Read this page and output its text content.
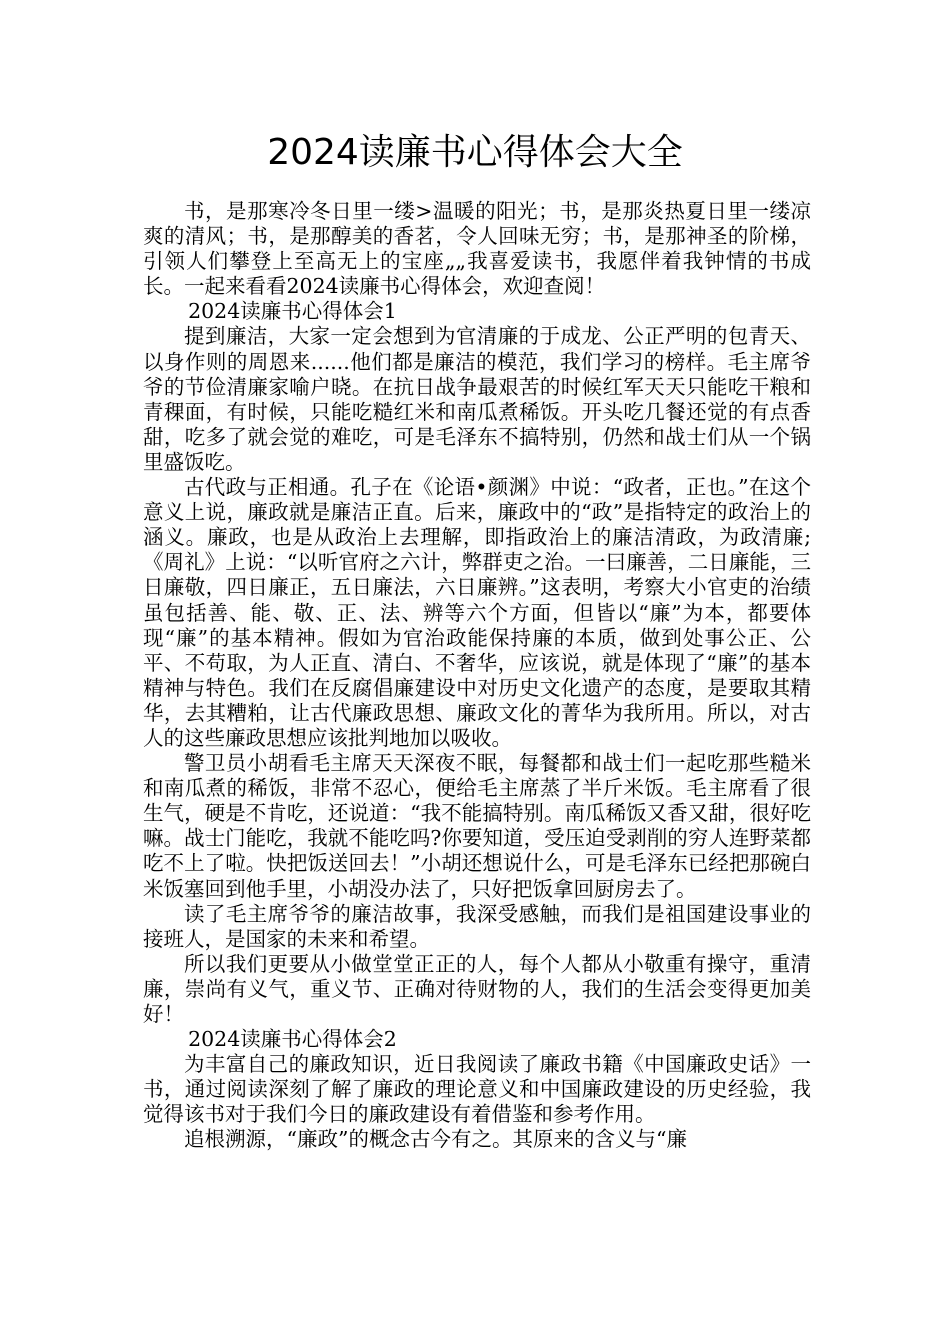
2024读廉书心得体会大全

书，是那寒冷冬日里一缕>温暖的阳光；书，是那炎热夏日里一缕凉爽的清风；书，是那醇美的香茗，令人回味无穷；书，是那神圣的阶梯，引领人们攀登上至高无上的宝座„„我喜爱读书，我愿伴着我钟情的书成长。一起来看看2024读廉书心得体会，欢迎查阅！

2024读廉书心得体会1

提到廉洁，大家一定会想到为官清廉的于成龙、公正严明的包青天、以身作则的周恩来......他们都是廉洁的模范，我们学习的榜样。毛主席爷爷的节俭清廉家喻户晓。在抗日战争最艰苦的时候红军天天只能吃干粮和青稞面，有时候，只能吃糙红米和南瓜煮稀饭。开头吃几餐还觉的有点香甜，吃多了就会觉的难吃，可是毛泽东不搞特别，仍然和战士们从一个锅里盛饭吃。

古代政与正相通。孔子在《论语•颜渊》中说：“政者，正也。”在这个意义上说，廉政就是廉洁正直。后来，廉政中的“政”是指特定的政治上的涵义。廉政，也是从政治上去理解，即指政治上的廉洁清政，为政清廉;《周礼》上说：“以听官府之六计，弊群吏之治。一曰廉善，二日廉能，三日廉敬，四日廉正，五日廉法，六日廉辨。”这表明，考察大小官吏的治绩虽包括善、能、敬、正、法、辨等六个方面，但皆以“廉”为本，都要体现“廉”的基本精神。假如为官治政能保持廉的本质，做到处事公正、公平、不苟取，为人正直、清白、不奢华，应该说，就是体现了“廉”的基本精神与特色。我们在反腐倡廉建设中对历史文化遗产的态度，是要取其精华，去其糟粕，让古代廉政思想、廉政文化的菁华为我所用。所以，对古人的这些廉政思想应该批判地加以吸收。

警卫员小胡看毛主席天天深夜不眠，每餐都和战士们一起吃那些糙米和南瓜煮的稀饭，非常不忍心，便给毛主席蒸了半斤米饭。毛主席看了很生气，硬是不肯吃，还说道：“我不能搞特别。南瓜稀饭又香又甜，很好吃嘛。战士门能吃，我就不能吃吗?你要知道，受压迫受剥削的穷人连野菜都吃不上了啦。快把饭送回去！”小胡还想说什么，可是毛泽东已经把那碗白米饭塞回到他手里，小胡没办法了，只好把饭拿回厨房去了。

读了毛主席爷爷的廉洁故事，我深受感触，而我们是祖国建设事业的接班人，是国家的未来和希望。

所以我们更要从小做堂堂正正的人，每个人都从小敬重有操守，重清廉，崇尚有义气，重义节、正确对待财物的人，我们的生活会变得更加美好！

2024读廉书心得体会2

为丰富自己的廉政知识，近日我阅读了廉政书籍《中国廉政史话》一书，通过阅读深刻了解了廉政的理论意义和中国廉政建设的历史经验，我觉得该书对于我们今日的廉政建设有着借鉴和参考作用。

追根溯源，“廉政”的概念古今有之。其原来的含义与“廉
